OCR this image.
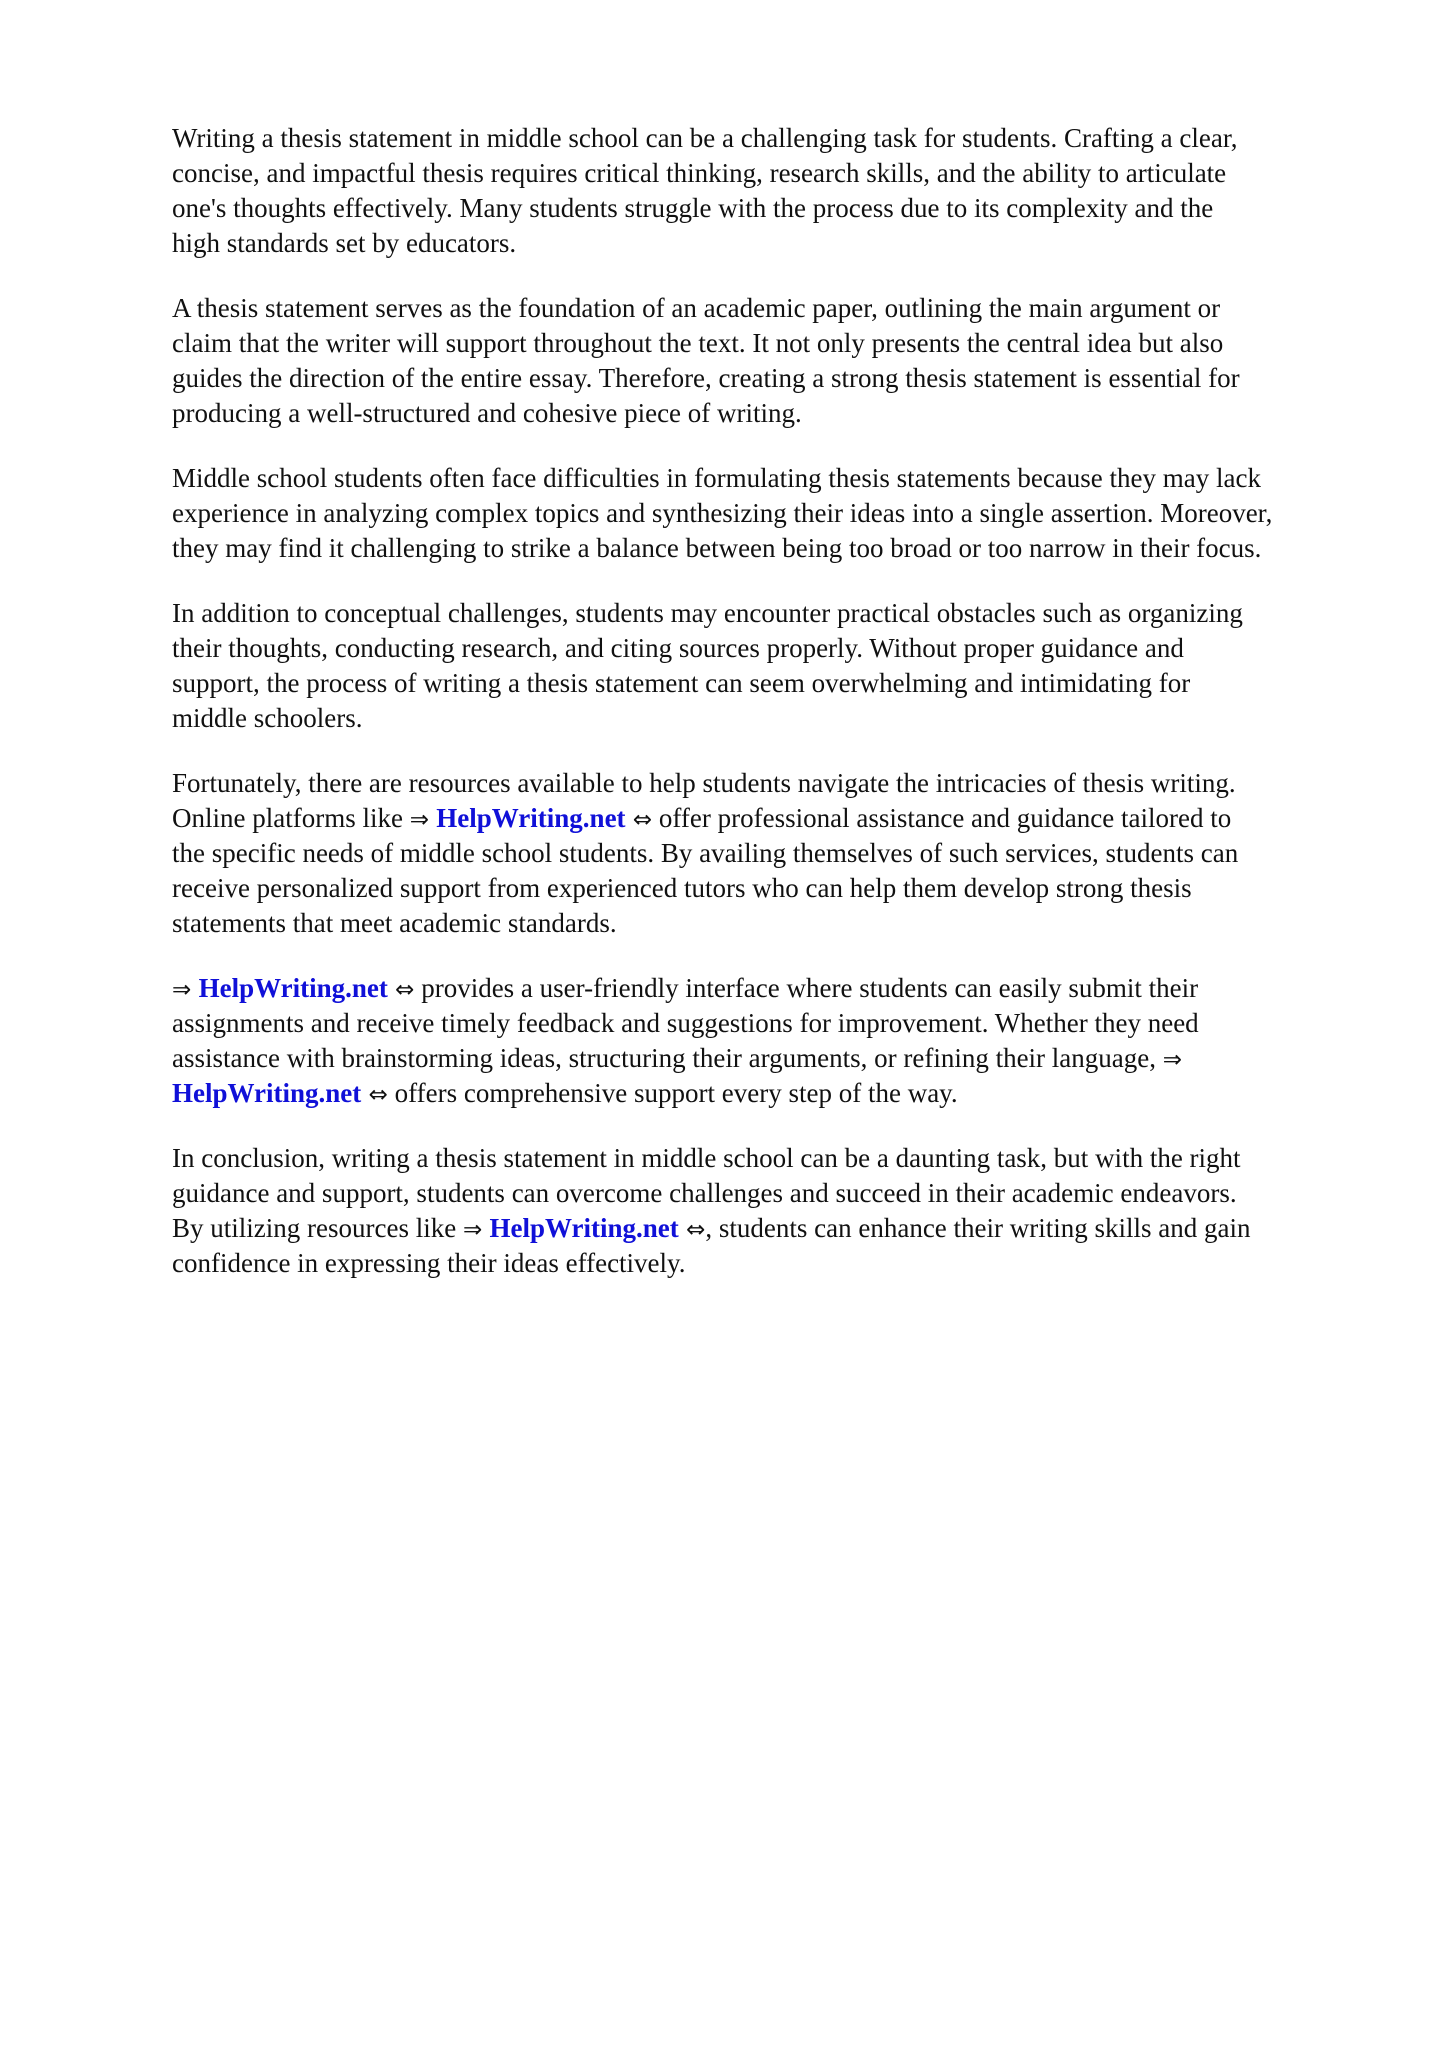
Writing a thesis statement in middle school can be a challenging task for students. Crafting a clear,
concise, and impactful thesis requires critical thinking, research skills, and the ability to articulate
one's thoughts effectively. Many students struggle with the process due to its complexity and the
high standards set by educators.

A thesis statement serves as the foundation of an academic paper, outlining the main argument or
claim that the writer will support throughout the text. It not only presents the central idea but also
guides the direction of the entire essay. Therefore, creating a strong thesis statement is essential for
producing a well-structured and cohesive piece of writing.

Middle school students often face difficulties in formulating thesis statements because they may lack
experience in analyzing complex topics and synthesizing their ideas into a single assertion. Moreover,
they may find it challenging to strike a balance between being too broad or too narrow in their focus.

In addition to conceptual challenges, students may encounter practical obstacles such as organizing
their thoughts, conducting research, and citing sources properly. Without proper guidance and
support, the process of writing a thesis statement can seem overwhelming and intimidating for
middle schoolers.

Fortunately, there are resources available to help students navigate the intricacies of thesis writing.
Online platforms like ⇒ HelpWriting.net ⇔ offer professional assistance and guidance tailored to
the specific needs of middle school students. By availing themselves of such services, students can
receive personalized support from experienced tutors who can help them develop strong thesis
statements that meet academic standards.

⇒ HelpWriting.net ⇔ provides a user-friendly interface where students can easily submit their
assignments and receive timely feedback and suggestions for improvement. Whether they need
assistance with brainstorming ideas, structuring their arguments, or refining their language, ⇒
HelpWriting.net ⇔ offers comprehensive support every step of the way.

In conclusion, writing a thesis statement in middle school can be a daunting task, but with the right
guidance and support, students can overcome challenges and succeed in their academic endeavors.
By utilizing resources like ⇒ HelpWriting.net ⇔, students can enhance their writing skills and gain
confidence in expressing their ideas effectively.
